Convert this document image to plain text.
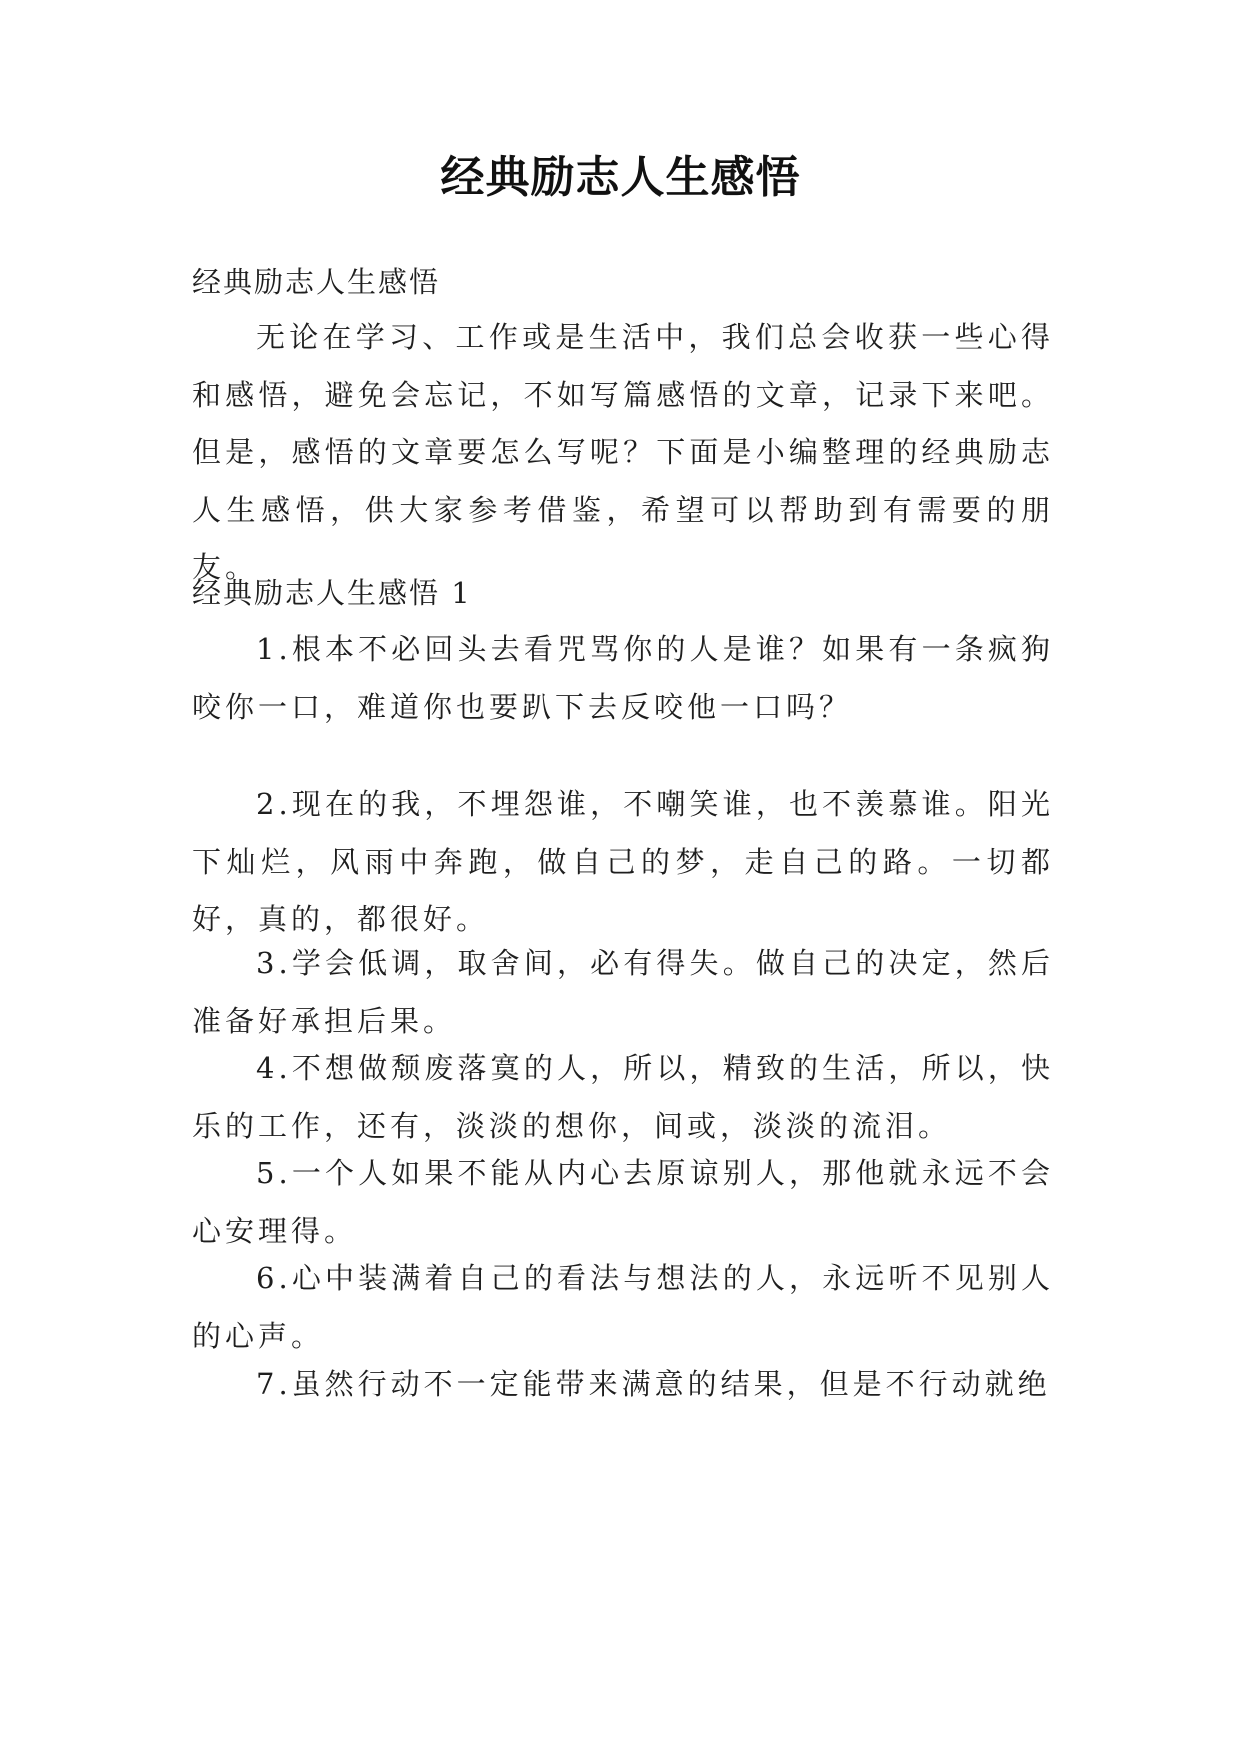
经典励志人生感悟

经典励志人生感悟

无论在学习、工作或是生活中，我们总会收获一些心得和感悟，避免会忘记，不如写篇感悟的文章，记录下来吧。但是，感悟的文章要怎么写呢？下面是小编整理的经典励志人生感悟，供大家参考借鉴，希望可以帮助到有需要的朋友。

经典励志人生感悟 1

1.根本不必回头去看咒骂你的人是谁？如果有一条疯狗咬你一口，难道你也要趴下去反咬他一口吗？

2.现在的我，不埋怨谁，不嘲笑谁，也不羡慕谁。阳光下灿烂，风雨中奔跑，做自己的梦，走自己的路。一切都好，真的，都很好。

3.学会低调，取舍间，必有得失。做自己的决定，然后准备好承担后果。

4.不想做颓废落寞的人，所以，精致的生活，所以，快乐的工作，还有，淡淡的想你，间或，淡淡的流泪。

5.一个人如果不能从内心去原谅别人，那他就永远不会心安理得。

6.心中装满着自己的看法与想法的人，永远听不见别人的心声。

7.虽然行动不一定能带来满意的结果，但是不行动就绝
